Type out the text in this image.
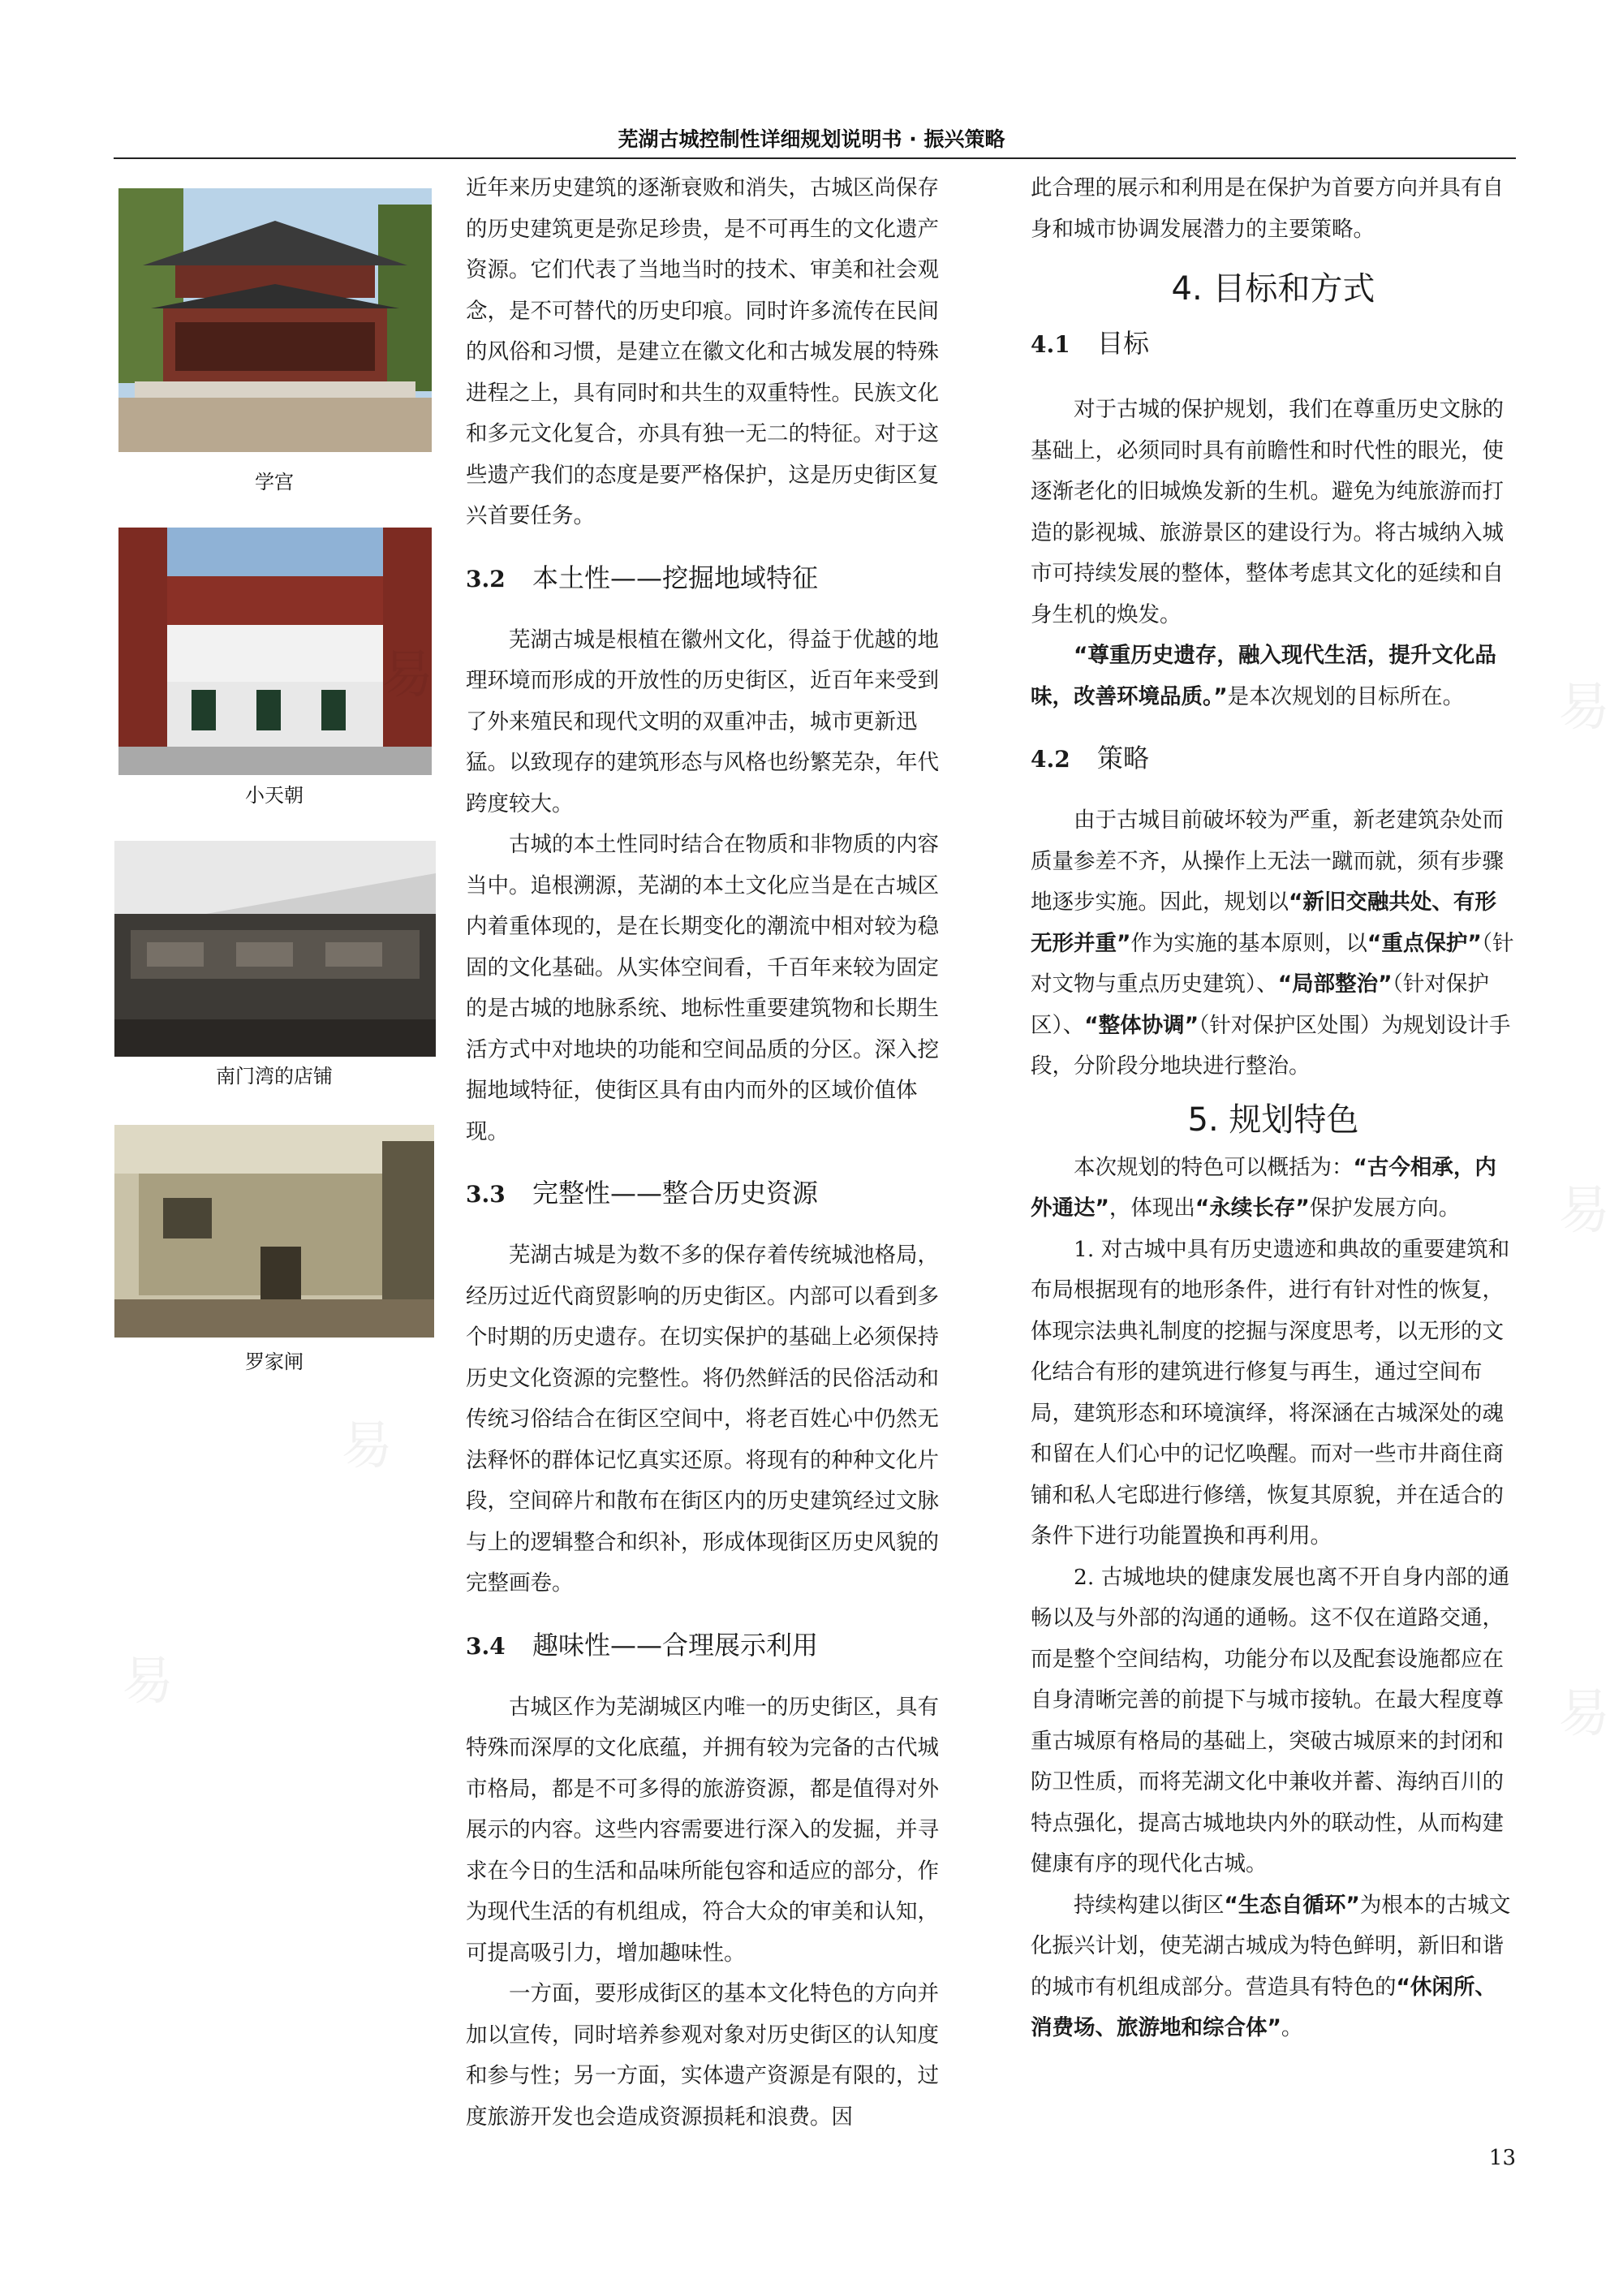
芜湖古城控制性详细规划说明书 · 振兴策略
学宫
小天朝
南门湾的店铺
罗家闸

近年来历史建筑的逐渐衰败和消失，古城区尚保存的历史建筑更是弥足珍贵，是不可再生的文化遗产资源。它们代表了当地当时的技术、审美和社会观念，是不可替代的历史印痕。同时许多流传在民间的风俗和习惯，是建立在徽文化和古城发展的特殊进程之上，具有同时和共生的双重特性。民族文化和多元文化复合，亦具有独一无二的特征。对于这些遗产我们的态度是要严格保护，这是历史街区复兴首要任务。

3.2 本土性——挖掘地域特征

芜湖古城是根植在徽州文化，得益于优越的地理环境而形成的开放性的历史街区，近百年来受到了外来殖民和现代文明的双重冲击，城市更新迅猛。以致现存的建筑形态与风格也纷繁芜杂，年代跨度较大。

古城的本土性同时结合在物质和非物质的内容当中。追根溯源，芜湖的本土文化应当是在古城区内着重体现的，是在长期变化的潮流中相对较为稳固的文化基础。从实体空间看，千百年来较为固定的是古城的地脉系统、地标性重要建筑物和长期生活方式中对地块的功能和空间品质的分区。深入挖掘地域特征，使街区具有由内而外的区域价值体现。

3.3 完整性——整合历史资源

芜湖古城是为数不多的保存着传统城池格局，经历过近代商贸影响的历史街区。内部可以看到多个时期的历史遗存。在切实保护的基础上必须保持历史文化资源的完整性。将仍然鲜活的民俗活动和传统习俗结合在街区空间中，将老百姓心中仍然无法释怀的群体记忆真实还原。将现有的种种文化片段，空间碎片和散布在街区内的历史建筑经过文脉与上的逻辑整合和织补，形成体现街区历史风貌的完整画卷。

3.4 趣味性——合理展示利用

古城区作为芜湖城区内唯一的历史街区，具有特殊而深厚的文化底蕴，并拥有较为完备的古代城市格局，都是不可多得的旅游资源，都是值得对外展示的内容。这些内容需要进行深入的发掘，并寻求在今日的生活和品味所能包容和适应的部分，作为现代生活的有机组成，符合大众的审美和认知，可提高吸引力，增加趣味性。

一方面，要形成街区的基本文化特色的方向并加以宣传，同时培养参观对象对历史街区的认知度和参与性；另一方面，实体遗产资源是有限的，过度旅游开发也会造成资源损耗和浪费。因

此合理的展示和利用是在保护为首要方向并具有自身和城市协调发展潜力的主要策略。

4. 目标和方式
4.1 目标

对于古城的保护规划，我们在尊重历史文脉的基础上，必须同时具有前瞻性和时代性的眼光，使逐渐老化的旧城焕发新的生机。避免为纯旅游而打造的影视城、旅游景区的建设行为。将古城纳入城市可持续发展的整体，整体考虑其文化的延续和自身生机的焕发。

“尊重历史遗存，融入现代生活，提升文化品味，改善环境品质。”是本次规划的目标所在。

4.2 策略

由于古城目前破坏较为严重，新老建筑杂处而质量参差不齐，从操作上无法一蹴而就，须有步骤地逐步实施。因此，规划以“新旧交融共处、有形无形并重”作为实施的基本原则，以“重点保护”（针对文物与重点历史建筑）、“局部整治”（针对保护区）、“整体协调”（针对保护区处围）为规划设计手段，分阶段分地块进行整治。

5. 规划特色

本次规划的特色可以概括为：“古今相承，内外通达”，体现出“永续长存”保护发展方向。

1. 对古城中具有历史遗迹和典故的重要建筑和布局根据现有的地形条件，进行有针对性的恢复，体现宗法典礼制度的挖掘与深度思考，以无形的文化结合有形的建筑进行修复与再生，通过空间布局，建筑形态和环境演绎，将深涵在古城深处的魂和留在人们心中的记忆唤醒。而对一些市井商住商铺和私人宅邸进行修缮，恢复其原貌，并在适合的条件下进行功能置换和再利用。

2. 古城地块的健康发展也离不开自身内部的通畅以及与外部的沟通的通畅。这不仅在道路交通，而是整个空间结构，功能分布以及配套设施都应在自身清晰完善的前提下与城市接轨。在最大程度尊重古城原有格局的基础上，突破古城原来的封闭和防卫性质，而将芜湖文化中兼收并蓄、海纳百川的特点强化，提高古城地块内外的联动性，从而构建健康有序的现代化古城。

持续构建以街区“生态自循环”为根本的古城文化振兴计划，使芜湖古城成为特色鲜明，新旧和谐的城市有机组成部分。营造具有特色的“休闲所、消费场、旅游地和综合体”。

13
易
易
易
易
易
